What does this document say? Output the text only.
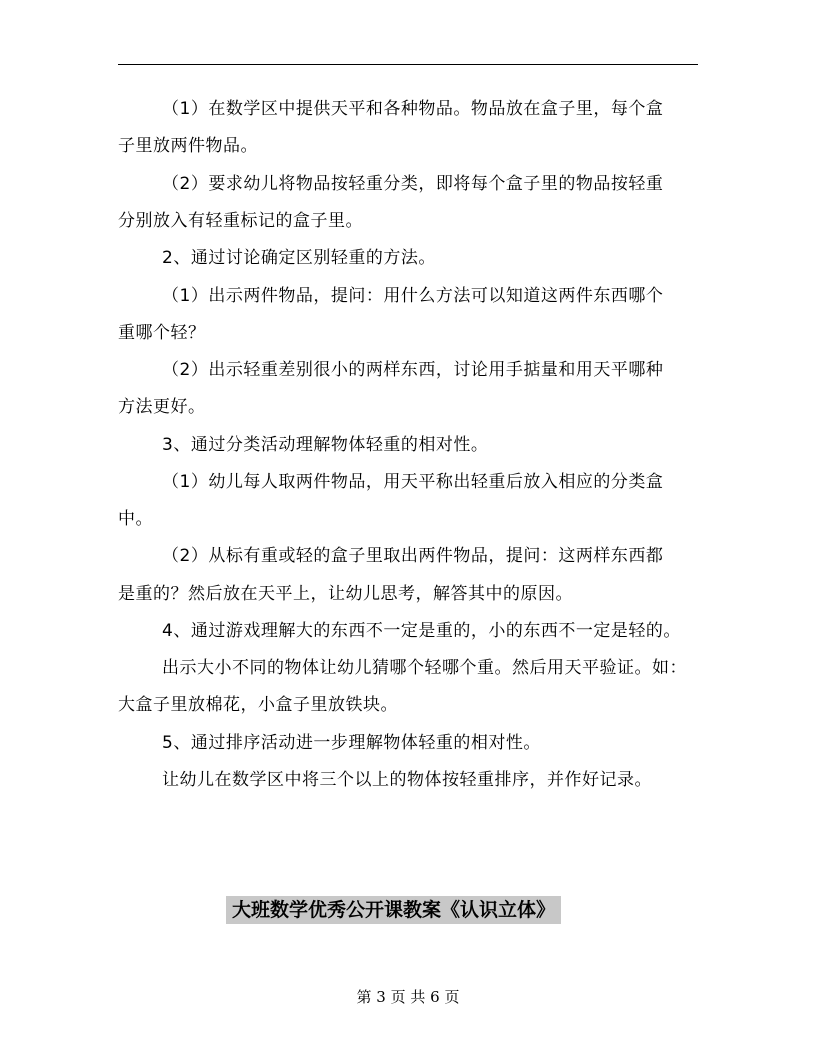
（1）在数学区中提供天平和各种物品。物品放在盒子里，每个盒
子里放两件物品。
（2）要求幼儿将物品按轻重分类，即将每个盒子里的物品按轻重
分别放入有轻重标记的盒子里。
2、通过讨论确定区别轻重的方法。
（1）出示两件物品，提问：用什么方法可以知道这两件东西哪个
重哪个轻？
（2）出示轻重差别很小的两样东西，讨论用手掂量和用天平哪种
方法更好。
3、通过分类活动理解物体轻重的相对性。
（1）幼儿每人取两件物品，用天平称出轻重后放入相应的分类盒
中。
（2）从标有重或轻的盒子里取出两件物品，提问：这两样东西都
是重的？然后放在天平上，让幼儿思考，解答其中的原因。
4、通过游戏理解大的东西不一定是重的，小的东西不一定是轻的。
出示大小不同的物体让幼儿猜哪个轻哪个重。然后用天平验证。如：
大盒子里放棉花，小盒子里放铁块。
5、通过排序活动进一步理解物体轻重的相对性。
让幼儿在数学区中将三个以上的物体按轻重排序，并作好记录。
大班数学优秀公开课教案《认识立体》
第 3 页 共 6 页
